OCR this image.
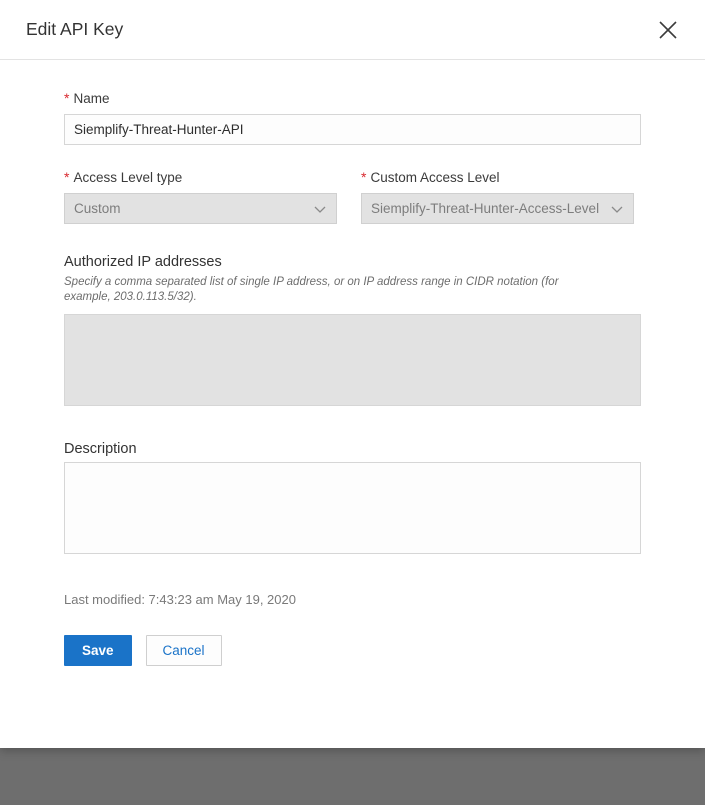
Edit API Key
* Name
Siemplify-Threat-Hunter-API
* Access Level type
Custom
* Custom Access Level
Siemplify-Threat-Hunter-Access-Level
Authorized IP addresses
Specify a comma separated list of single IP address, or on IP address range in CIDR notation (for example, 203.0.113.5/32).
Description
Last modified: 7:43:23 am May 19, 2020
Save	Cancel
